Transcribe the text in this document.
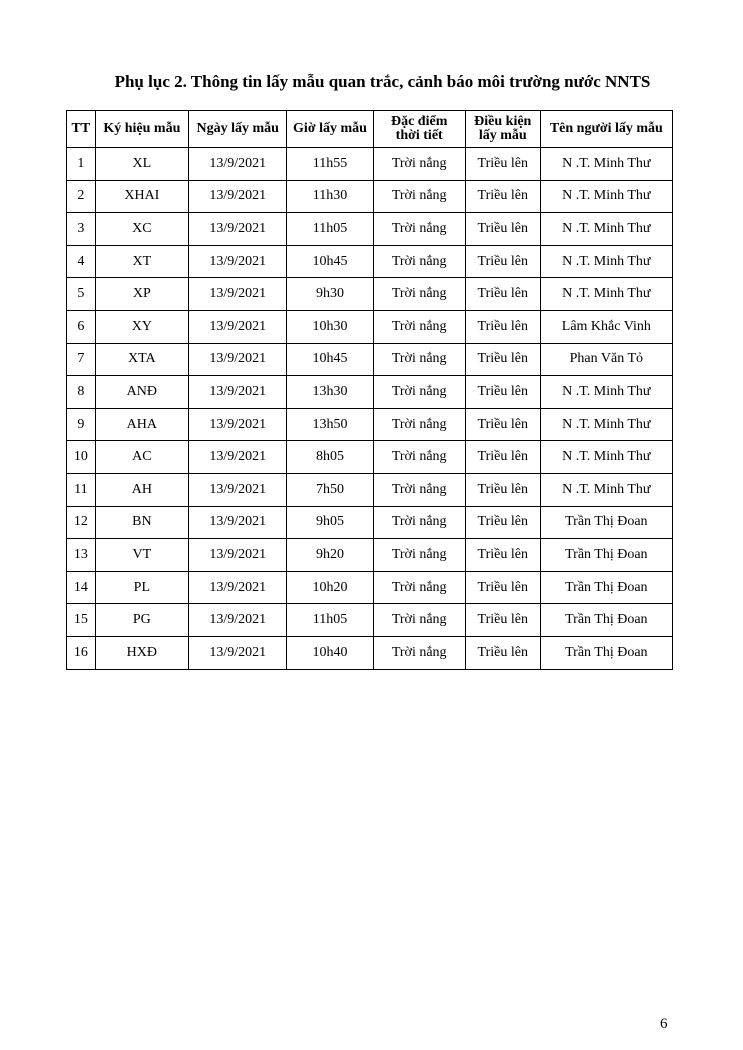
Phụ lục 2. Thông tin lấy mẫu quan trắc, cảnh báo môi trường nước NNTS
TT	Ký hiệu mẫu	Ngày lấy mẫu	Giờ lấy mẫu	Đặc điểm thời tiết	Điều kiện lấy mẫu	Tên người lấy mẫu
1	XL	13/9/2021	11h55	Trời nắng	Triều lên	N .T. Minh Thư
2	XHAI	13/9/2021	11h30	Trời nắng	Triều lên	N .T. Minh Thư
3	XC	13/9/2021	11h05	Trời nắng	Triều lên	N .T. Minh Thư
4	XT	13/9/2021	10h45	Trời nắng	Triều lên	N .T. Minh Thư
5	XP	13/9/2021	9h30	Trời nắng	Triều lên	N .T. Minh Thư
6	XY	13/9/2021	10h30	Trời nắng	Triều lên	Lâm Khắc Vinh
7	XTA	13/9/2021	10h45	Trời nắng	Triều lên	Phan Văn Tỏ
8	ANĐ	13/9/2021	13h30	Trời nắng	Triều lên	N .T. Minh Thư
9	AHA	13/9/2021	13h50	Trời nắng	Triều lên	N .T. Minh Thư
10	AC	13/9/2021	8h05	Trời nắng	Triều lên	N .T. Minh Thư
11	AH	13/9/2021	7h50	Trời nắng	Triều lên	N .T. Minh Thư
12	BN	13/9/2021	9h05	Trời nắng	Triều lên	Trần Thị Đoan
13	VT	13/9/2021	9h20	Trời nắng	Triều lên	Trần Thị Đoan
14	PL	13/9/2021	10h20	Trời nắng	Triều lên	Trần Thị Đoan
15	PG	13/9/2021	11h05	Trời nắng	Triều lên	Trần Thị Đoan
16	HXĐ	13/9/2021	10h40	Trời nắng	Triều lên	Trần Thị Đoan
6
